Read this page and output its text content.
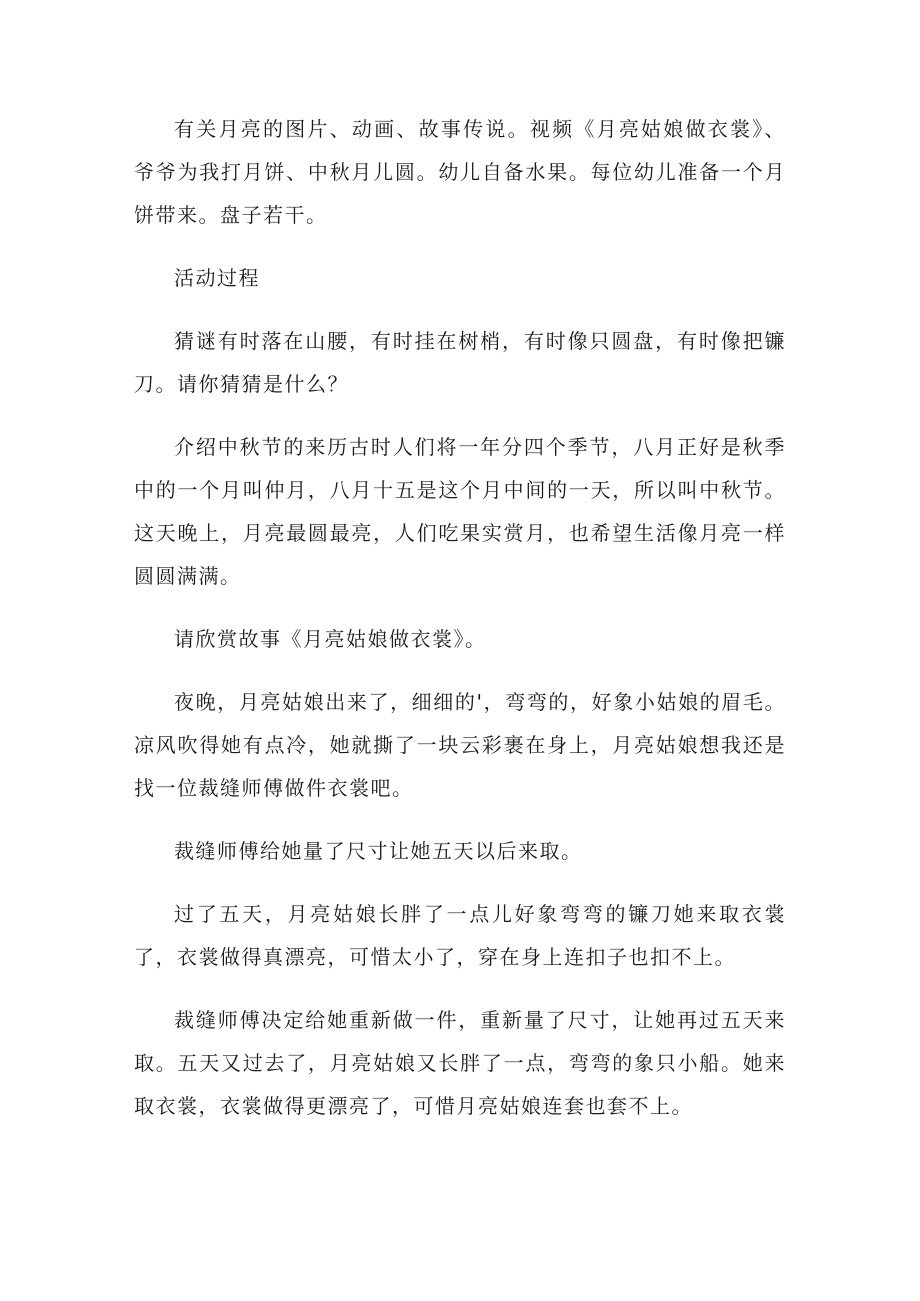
有关月亮的图片、动画、故事传说。视频《月亮姑娘做衣裳》、爷爷为我打月饼、中秋月儿圆。幼儿自备水果。每位幼儿准备一个月饼带来。盘子若干。

活动过程

猜谜有时落在山腰，有时挂在树梢，有时像只圆盘，有时像把镰刀。请你猜猜是什么？

介绍中秋节的来历古时人们将一年分四个季节，八月正好是秋季中的一个月叫仲月，八月十五是这个月中间的一天，所以叫中秋节。这天晚上，月亮最圆最亮，人们吃果实赏月，也希望生活像月亮一样圆圆满满。

请欣赏故事《月亮姑娘做衣裳》。

夜晚，月亮姑娘出来了，细细的'，弯弯的，好象小姑娘的眉毛。凉风吹得她有点冷，她就撕了一块云彩裹在身上，月亮姑娘想我还是找一位裁缝师傅做件衣裳吧。

裁缝师傅给她量了尺寸让她五天以后来取。

过了五天，月亮姑娘长胖了一点儿好象弯弯的镰刀她来取衣裳了，衣裳做得真漂亮，可惜太小了，穿在身上连扣子也扣不上。

裁缝师傅决定给她重新做一件，重新量了尺寸，让她再过五天来取。五天又过去了，月亮姑娘又长胖了一点，弯弯的象只小船。她来取衣裳，衣裳做得更漂亮了，可惜月亮姑娘连套也套不上。
